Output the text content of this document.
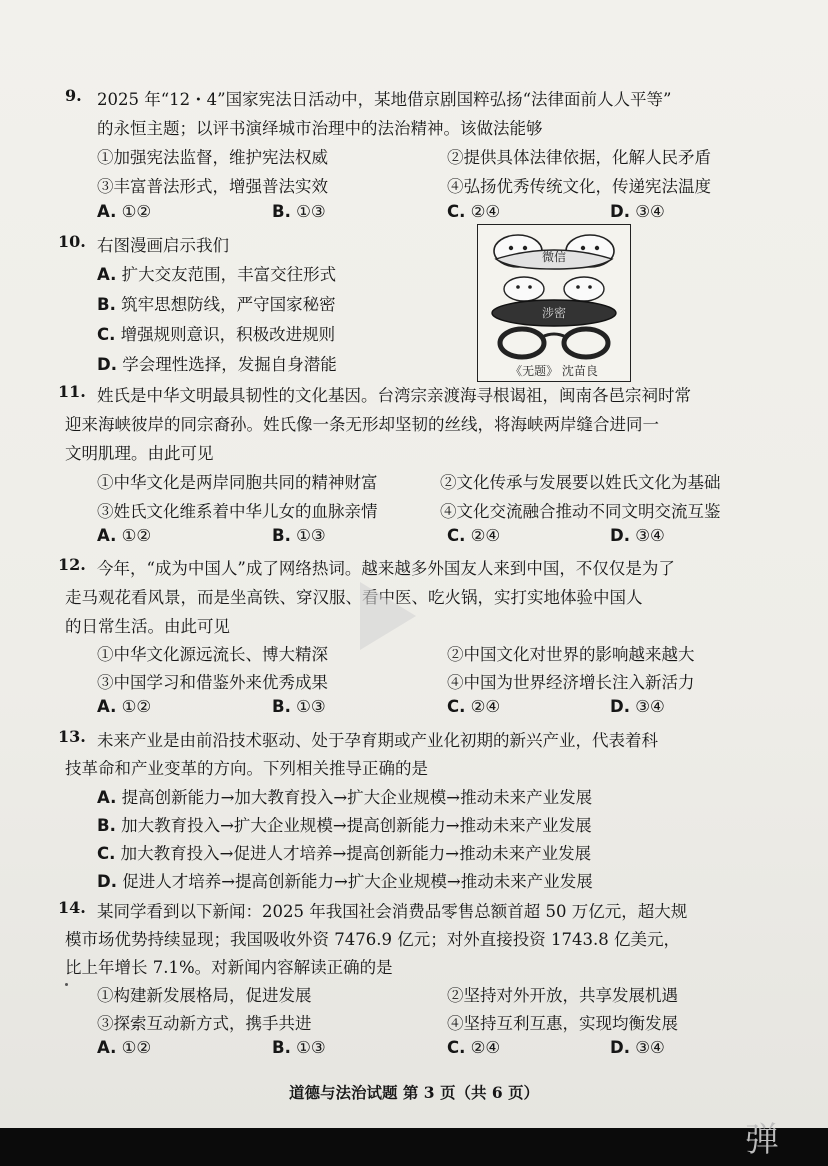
9. 2025 年“12・4”国家宪法日活动中，某地借京剧国粹弘扬“法律面前人人平等”
的永恒主题；以评书演绎城市治理中的法治精神。该做法能够
①加强宪法监督，维护宪法权威	②提供具体法律依据，化解人民矛盾
③丰富普法形式，增强普法实效	④弘扬优秀传统文化，传递宪法温度
A. ①②	B. ①③	C. ②④	D. ③④
10. 右图漫画启示我们
A. 扩大交友范围，丰富交往形式
B. 筑牢思想防线，严守国家秘密
C. 增强规则意识，积极改进规则
D. 学会理性选择，发掘自身潜能
微信
涉密
《无题》 沈苗良
11. 姓氏是中华文明最具韧性的文化基因。台湾宗亲渡海寻根谒祖，闽南各邑宗祠时常
迎来海峡彼岸的同宗裔孙。姓氏像一条无形却坚韧的丝线，将海峡两岸缝合进同一
文明肌理。由此可见
①中华文化是两岸同胞共同的精神财富	②文化传承与发展要以姓氏文化为基础
③姓氏文化维系着中华儿女的血脉亲情	④文化交流融合推动不同文明交流互鉴
A. ①②	B. ①③	C. ②④	D. ③④
12. 今年，“成为中国人”成了网络热词。越来越多外国友人来到中国，不仅仅是为了
走马观花看风景，而是坐高铁、穿汉服、看中医、吃火锅，实打实地体验中国人
的日常生活。由此可见
①中华文化源远流长、博大精深	②中国文化对世界的影响越来越大
③中国学习和借鉴外来优秀成果	④中国为世界经济增长注入新活力
A. ①②	B. ①③	C. ②④	D. ③④
13. 未来产业是由前沿技术驱动、处于孕育期或产业化初期的新兴产业，代表着科
技革命和产业变革的方向。下列相关推导正确的是
A. 提高创新能力→加大教育投入→扩大企业规模→推动未来产业发展
B. 加大教育投入→扩大企业规模→提高创新能力→推动未来产业发展
C. 加大教育投入→促进人才培养→提高创新能力→推动未来产业发展
D. 促进人才培养→提高创新能力→扩大企业规模→推动未来产业发展
14. 某同学看到以下新闻：2025 年我国社会消费品零售总额首超 50 万亿元，超大规
模市场优势持续显现；我国吸收外资 7476.9 亿元；对外直接投资 1743.8 亿美元，
比上年增长 7.1%。对新闻内容解读正确的是
①构建新发展格局，促进发展	②坚持对外开放，共享发展机遇
③探索互动新方式，携手共进	④坚持互利互惠，实现均衡发展
A. ①②	B. ①③	C. ②④	D. ③④
道德与法治试题 第 3 页（共 6 页）
弹
